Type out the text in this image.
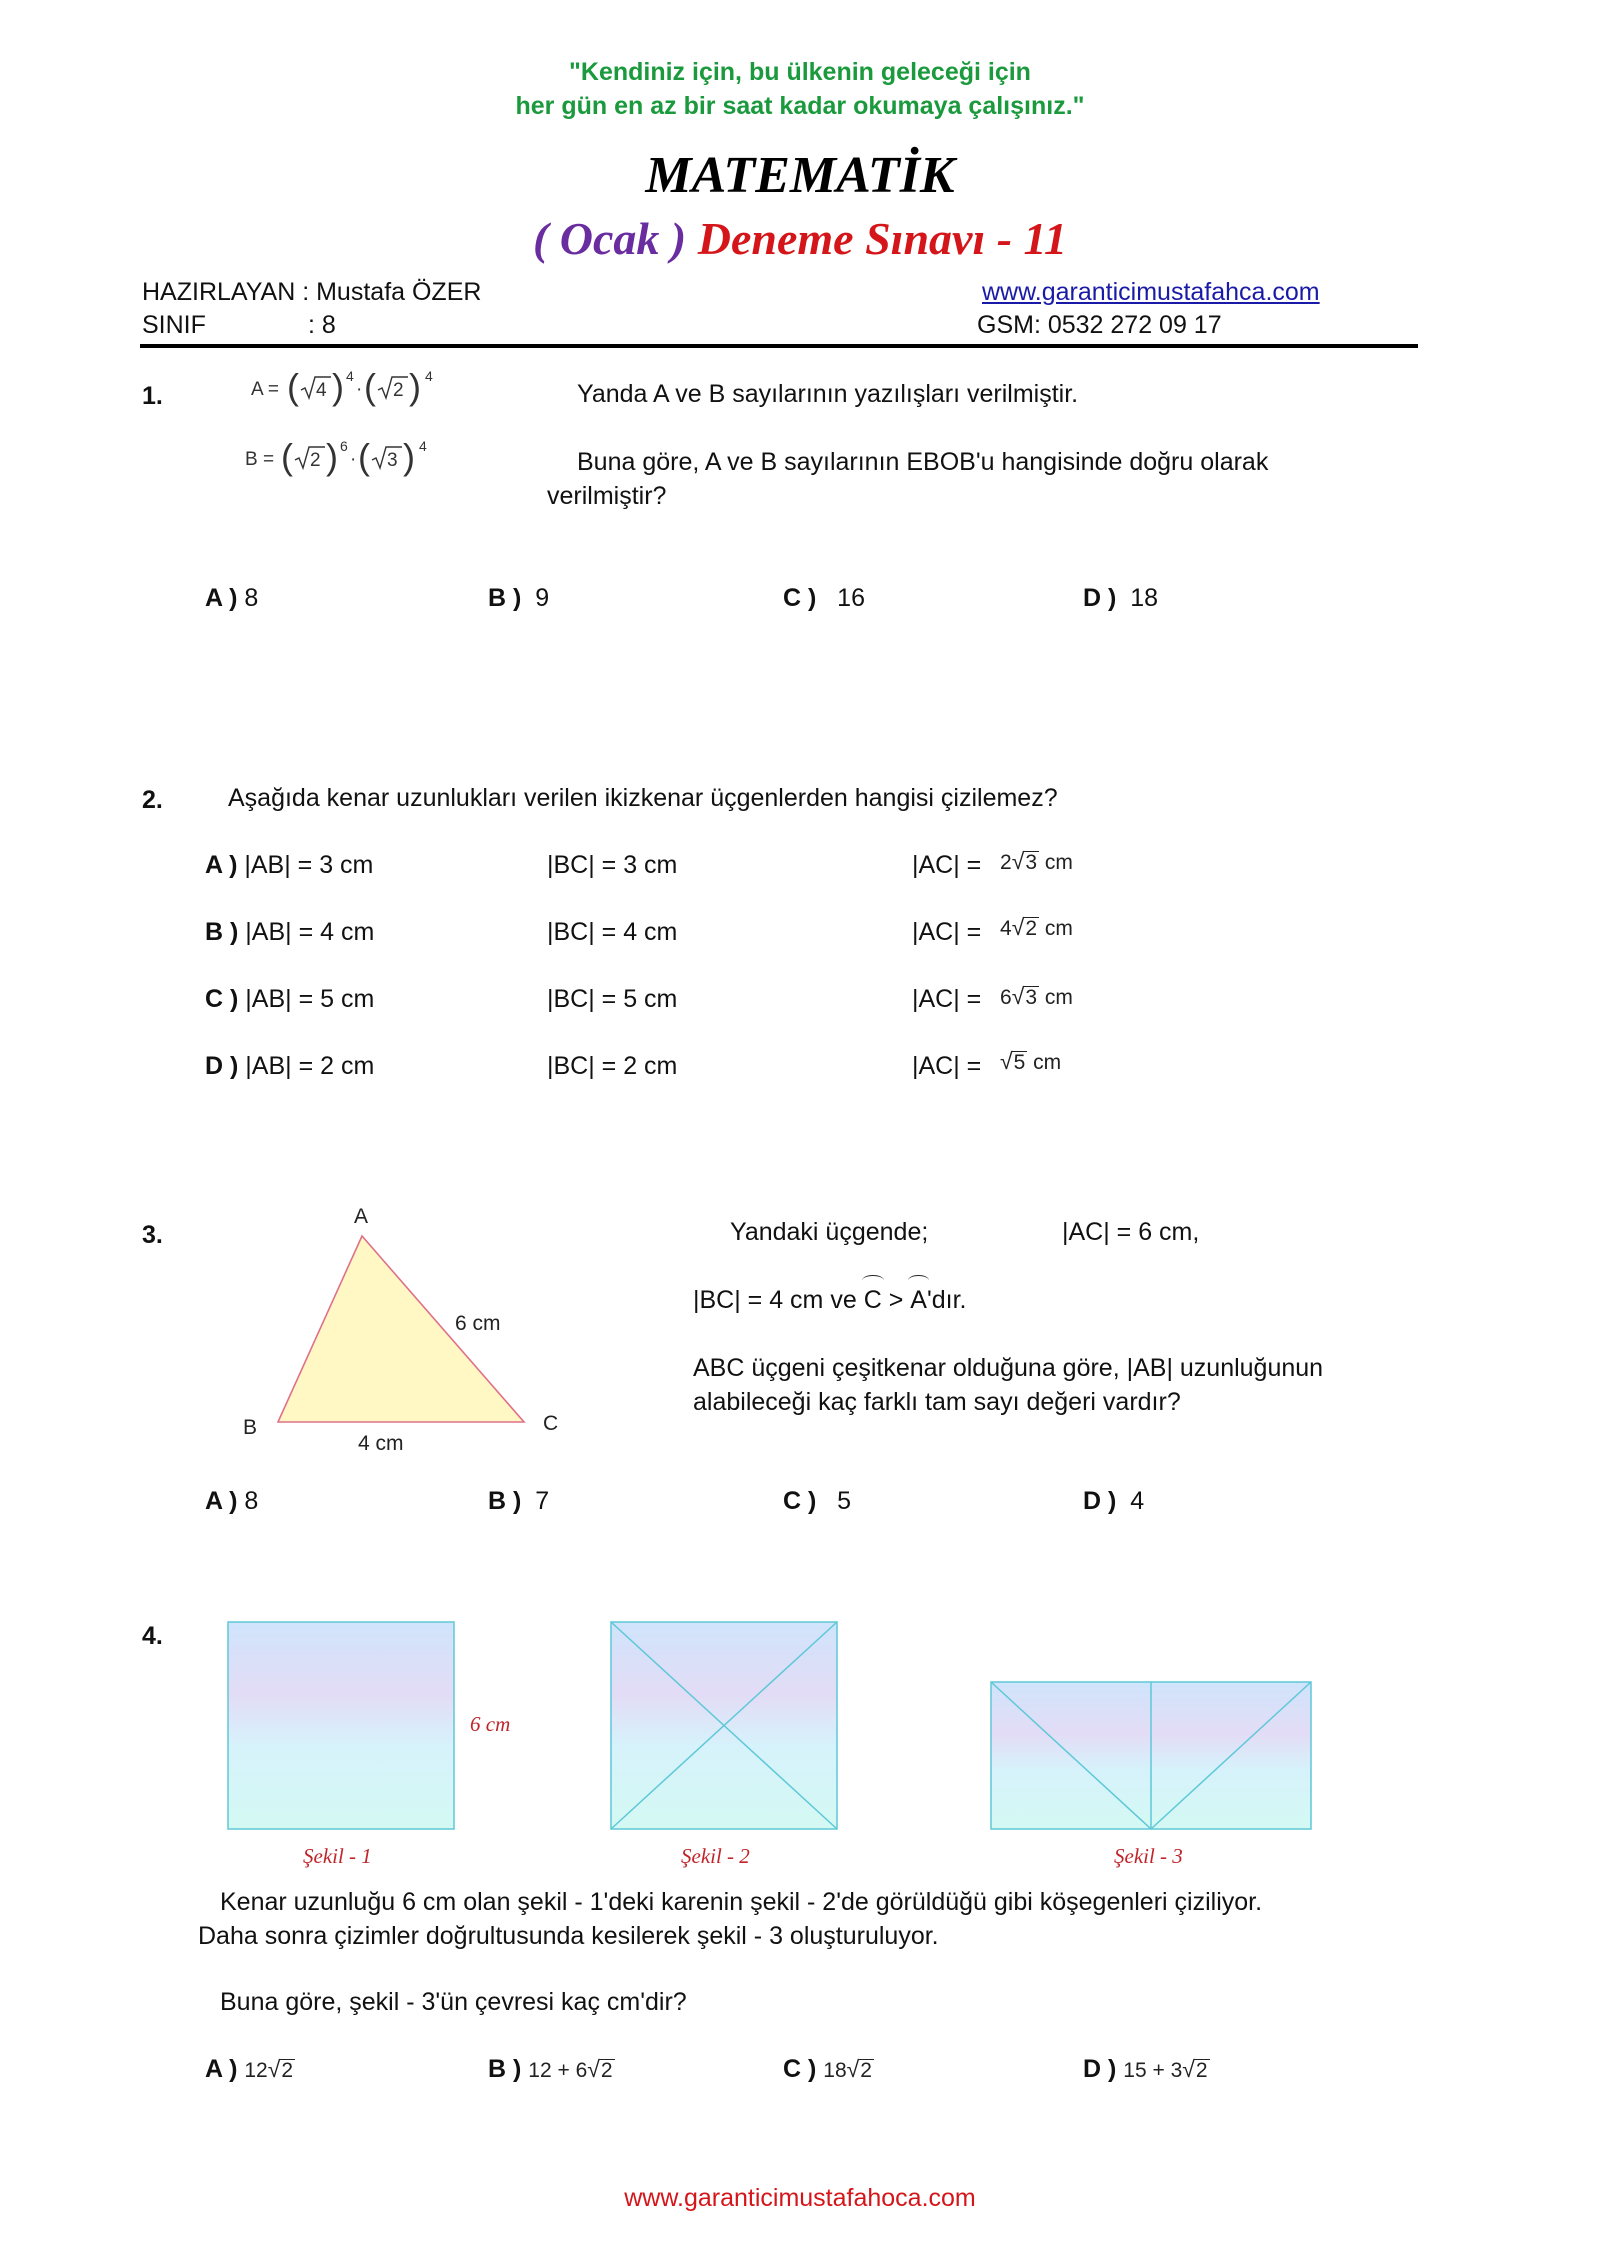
"Kendiniz için, bu ülkenin geleceği için
her gün en az bir saat kadar okumaya çalışınız."
MATEMATİK
( Ocak ) Deneme Sınavı - 11
HAZIRLAYAN : Mustafa ÖZER
SINIF	: 8
www.garanticimustafahca.com
GSM: 0532 272 09 17
1.	A = ( 4 ) 4
· ( 2 ) 4
B = ( 2 ) 6
· ( 3 ) 4
Yanda A ve B sayılarının yazılışları verilmiştir.
Buna göre, A ve B sayılarının EBOB'u hangisinde doğru olarak
verilmiştir?
A ) 8	B ) 9	C ) 16	D ) 18
2.	Aşağıda kenar uzunlukları verilen ikizkenar üçgenlerden hangisi çizilemez?
A ) |AB| = 3 cm	|BC| = 3 cm	|AC| = 2√3 cm
B ) |AB| = 4 cm	|BC| = 4 cm	|AC| = 4√2 cm
C ) |AB| = 5 cm	|BC| = 5 cm	|AC| = 6√3 cm
D ) |AB| = 2 cm	|BC| = 2 cm	|AC| = √5 cm
3.
A
B	C
6 cm
4 cm
Yandaki üçgende;	|AC| = 6 cm,
|BC| = 4 cm ve C > A'dır.
ABC üçgeni çeşitkenar olduğuna göre, |AB| uzunluğunun
alabileceği kaç farklı tam sayı değeri vardır?
A ) 8	B ) 7	C ) 5	D ) 4
4.
6 cm
Şekil - 1	Şekil - 2	Şekil - 3
Kenar uzunluğu 6 cm olan şekil - 1'deki karenin şekil - 2'de görüldüğü gibi köşegenleri çiziliyor.
Daha sonra çizimler doğrultusunda kesilerek şekil - 3 oluşturuluyor.
Buna göre, şekil - 3'ün çevresi kaç cm'dir?
A ) 12√2	B ) 12 + 6√2	C ) 18√2	D ) 15 + 3√2
www.garanticimustafahoca.com
